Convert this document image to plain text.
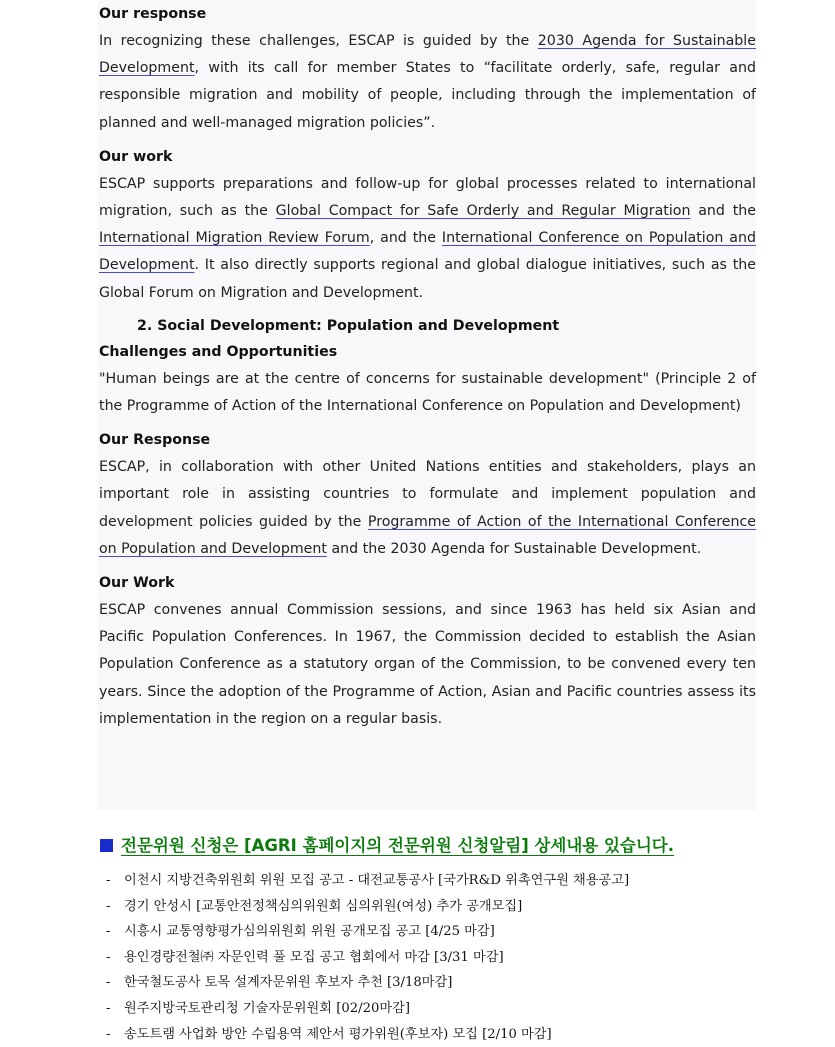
Our response
In recognizing these challenges, ESCAP is guided by the 2030 Agenda for Sustainable Development, with its call for member States to “facilitate orderly, safe, regular and responsible migration and mobility of people, including through the implementation of planned and well-managed migration policies”.
Our work
ESCAP supports preparations and follow-up for global processes related to international migration, such as the Global Compact for Safe Orderly and Regular Migration and the International Migration Review Forum, and the International Conference on Population and Development. It also directly supports regional and global dialogue initiatives, such as the Global Forum on Migration and Development.
2. Social Development: Population and Development
Challenges and Opportunities
"Human beings are at the centre of concerns for sustainable development" (Principle 2 of the Programme of Action of the International Conference on Population and Development)
Our Response
ESCAP, in collaboration with other United Nations entities and stakeholders, plays an important role in assisting countries to formulate and implement population and development policies guided by the Programme of Action of the International Conference on Population and Development and the 2030 Agenda for Sustainable Development.
Our Work
ESCAP convenes annual Commission sessions, and since 1963 has held six Asian and Pacific Population Conferences. In 1967, the Commission decided to establish the Asian Population Conference as a statutory organ of the Commission, to be convened every ten years. Since the adoption of the Programme of Action, Asian and Pacific countries assess its implementation in the region on a regular basis.
전문위원 신청은 [AGRI 홈페이지의 전문위원 신청알림] 상세내용 있습니다.
- 이천시 지방건축위원회 위원 모집 공고 - 대전교통공사 [국가R&D 위촉연구원 채용공고]
- 경기 안성시 [교통안전정책심의위원회 심의위원(여성) 추가 공개모집]
- 시흥시 교통영향평가심의위원회 위원 공개모집 공고 [4/25 마감]
- 용인경량전철㈜ 자문인력 풀 모집 공고 협회에서 마감 [3/31 마감]
- 한국철도공사 토목 설계자문위원 후보자 추천 [3/18마감]
- 원주지방국토관리청 기술자문위원회 [02/20마감]
- 송도트램 사업화 방안 수립용역 제안서 평가위원(후보자) 모집 [2/10 마감]
